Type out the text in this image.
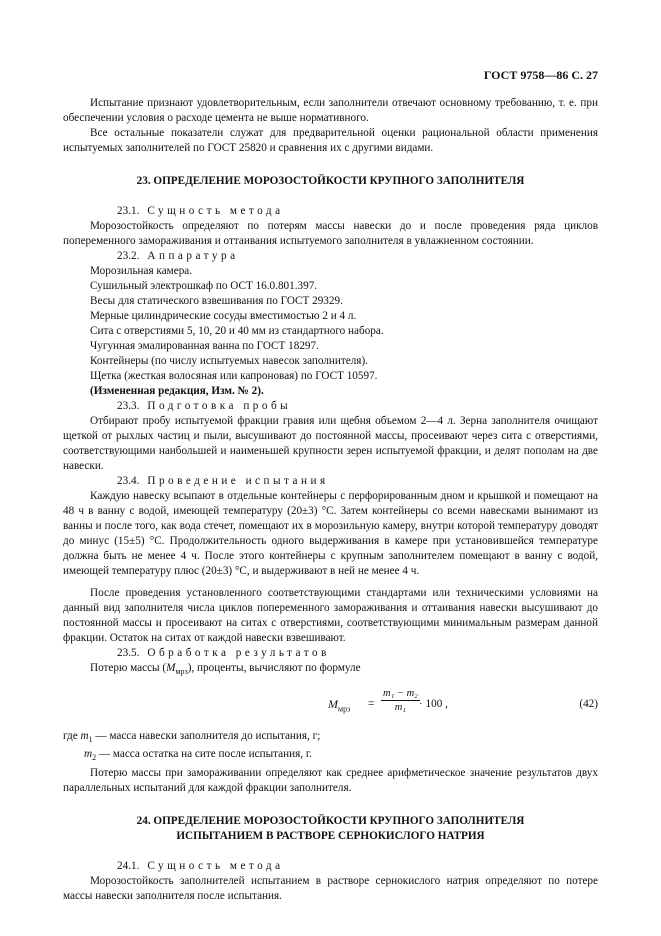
ГОСТ 9758—86 С. 27

Испытание признают удовлетворительным, если заполнители отвечают основному требованию, т. е. при обеспечении условия о расходе цемента не выше нормативного.

Все остальные показатели служат для предварительной оценки рациональной области применения испытуемых заполнителей по ГОСТ 25820 и сравнения их с другими видами.

23. ОПРЕДЕЛЕНИЕ МОРОЗОСТОЙКОСТИ КРУПНОГО ЗАПОЛНИТЕЛЯ

23.1. Сущность метода

Морозостойкость определяют по потерям массы навески до и после проведения ряда циклов попеременного замораживания и оттаивания испытуемого заполнителя в увлажненном состоянии.

23.2. Аппаратура

Морозильная камера.

Сушильный электрошкаф по ОСТ 16.0.801.397.

Весы для статического взвешивания по ГОСТ 29329.

Мерные цилиндрические сосуды вместимостью 2 и 4 л.

Сита с отверстиями 5, 10, 20 и 40 мм из стандартного набора.

Чугунная эмалированная ванна по ГОСТ 18297.

Контейнеры (по числу испытуемых навесок заполнителя).

Щетка (жесткая волосяная или капроновая) по ГОСТ 10597.

(Измененная редакция, Изм. № 2).

23.3. Подготовка пробы

Отбирают пробу испытуемой фракции гравия или щебня объемом 2—4 л. Зерна заполнителя очищают щеткой от рыхлых частиц и пыли, высушивают до постоянной массы, просеивают через сита с отверстиями, соответствующими наибольшей и наименьшей крупности зерен испытуемой фракции, и делят пополам на две навески.

23.4. Проведение испытания

Каждую навеску всыпают в отдельные контейнеры с перфорированным дном и крышкой и помещают на 48 ч в ванну с водой, имеющей температуру (20±3) °С. Затем контейнеры со всеми навесками вынимают из ванны и после того, как вода стечет, помещают их в морозильную камеру, внутри которой температуру доводят до минус (15±5) °С. Продолжительность одного выдерживания в камере при установившейся температуре должна быть не менее 4 ч. После этого контейнеры с крупным заполнителем помещают в ванну с водой, имеющей температуру плюс (20±3) °С, и выдерживают в ней не менее 4 ч.

После проведения установленного соответствующими стандартами или техническими условиями на данный вид заполнителя числа циклов попеременного замораживания и оттаивания навески высушивают до постоянной массы и просеивают на ситах с отверстиями, соответствующими минимальным размерам данной фракции. Остаток на ситах от каждой навески взвешивают.

23.5. Обработка результатов

Потерю массы $(M_{мрз})$, проценты, вычисляют по формуле

$M_{мрз} = \frac{\text{m₁ − m₂}}{\text{m₁}} \cdot 100$ ,	(42)

где $m_1$ — масса навески заполнителя до испытания, г;

$m_2$ — масса остатка на сите после испытания, г.

Потерю массы при замораживании определяют как среднее арифметическое значение результатов двух параллельных испытаний для каждой фракции заполнителя.

24. ОПРЕДЕЛЕНИЕ МОРОЗОСТОЙКОСТИ КРУПНОГО ЗАПОЛНИТЕЛЯ
ИСПЫТАНИЕМ В РАСТВОРЕ СЕРНОКИСЛОГО НАТРИЯ

24.1. Сущность метода

Морозостойкость заполнителей испытанием в растворе сернокислого натрия определяют по потере массы навески заполнителя после испытания.
